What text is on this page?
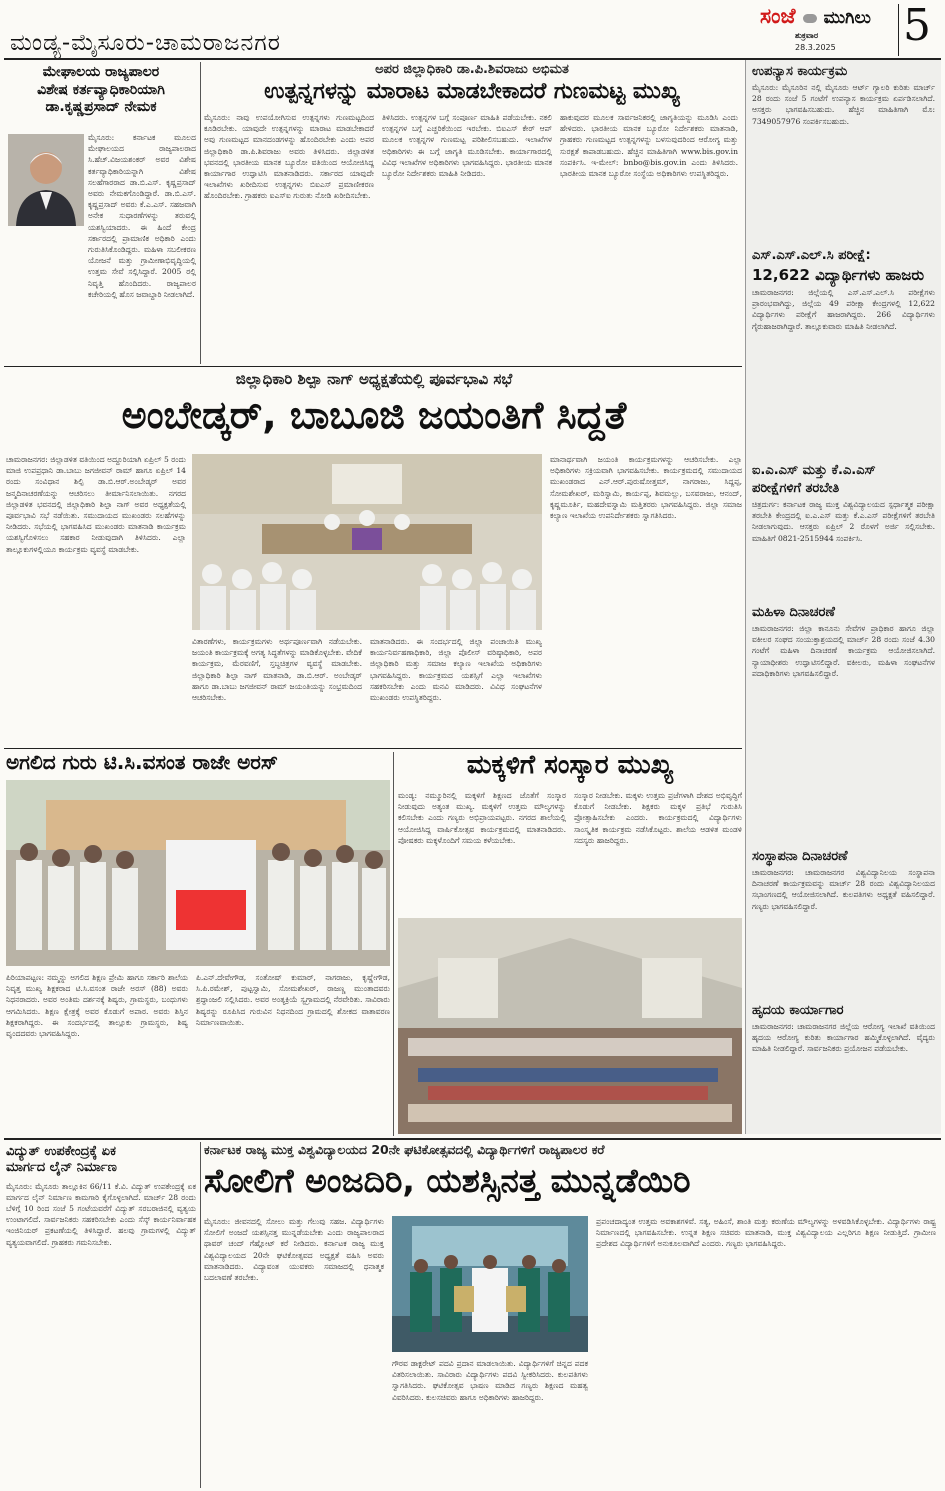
ಮಂಡ್ಯ-ಮೈಸೂರು-ಚಾಮರಾಜನಗರ
ಸಂಜೆ ಮುಗಿಲು
ಶುಕ್ರವಾರ
28.3.2025 5
ಮೇಘಾಲಯ ರಾಜ್ಯಪಾಲರ
ವಿಶೇಷ ಕರ್ತವ್ಯಾಧಿಕಾರಿಯಾಗಿ
ಡಾ.ಕೃಷ್ಣಪ್ರಸಾದ್ ನೇಮಕ
ಮೈಸೂರು: ಕರ್ನಾಟಕ ಮೂಲದ ಮೇಘಾಲಯದ ರಾಜ್ಯಪಾಲರಾದ ಸಿ.ಹೆಚ್.ವಿಜಯಶಂಕರ್ ಅವರ ವಿಶೇಷ ಕರ್ತವ್ಯಾಧಿಕಾರಿಯನ್ನಾಗಿ ವಿಶೇಷ ಸಲಹೆಗಾರರಾದ ಡಾ.ಬಿ.ಎಸ್. ಕೃಷ್ಣಪ್ರಸಾದ್ ಅವರು ನೇಮಕಗೊಂಡಿದ್ದಾರೆ. ಡಾ.ಬಿ.ಎಸ್. ಕೃಷ್ಣಪ್ರಸಾದ್ ಅವರು ಕೆ.ಎ.ಎಸ್. ಸಹಜವಾಗಿ ಅನೇಕ ಸುಧಾರಣೆಗಳನ್ನು ತರುವಲ್ಲಿ ಯಶಸ್ವಿಯಾದರು. ಈ ಹಿಂದೆ ಕೇಂದ್ರ ಸರ್ಕಾರದಲ್ಲಿ ಪ್ರಾಮಾಣಿಕ ಅಧಿಕಾರಿ ಎಂದು ಗುರುತಿಸಿಕೊಂಡಿದ್ದರು. ಮಹಿಳಾ ಸಬಲೀಕರಣ ಯೋಜನೆ ಮತ್ತು ಗ್ರಾಮೀಣಾಭಿವೃದ್ಧಿಯಲ್ಲಿ ಉತ್ತಮ ಸೇವೆ ಸಲ್ಲಿಸಿದ್ದಾರೆ. 2005 ರಲ್ಲಿ ನಿವೃತ್ತಿ ಹೊಂದಿದರು. ರಾಜ್ಯಪಾಲರ ಕಚೇರಿಯಲ್ಲಿ ಹೊಸ ಜವಾಬ್ದಾರಿ ನೀಡಲಾಗಿದೆ.
ಅಪರ ಜಿಲ್ಲಾಧಿಕಾರಿ ಡಾ.ಪಿ.ಶಿವರಾಜು ಅಭಿಮತ
ಉತ್ಪನ್ನಗಳನ್ನು ಮಾರಾಟ ಮಾಡಬೇಕಾದರೆ ಗುಣಮಟ್ಟ ಮುಖ್ಯ
ಮೈಸೂರು: ನಾವು ಉಪಯೋಗಿಸುವ ಉತ್ಪನ್ನಗಳು ಗುಣಮಟ್ಟದಿಂದ ಕೂಡಿರಬೇಕು. ಯಾವುದೇ ಉತ್ಪನ್ನಗಳನ್ನು ಮಾರಾಟ ಮಾಡಬೇಕಾದರೆ ಅವು ಗುಣಮಟ್ಟದ ಮಾನದಂಡಗಳನ್ನು ಹೊಂದಿರಬೇಕು ಎಂದು ಅಪರ ಜಿಲ್ಲಾಧಿಕಾರಿ ಡಾ.ಪಿ.ಶಿವರಾಜು ಅವರು ತಿಳಿಸಿದರು. ಜಿಲ್ಲಾಡಳಿತ ಭವನದಲ್ಲಿ ಭಾರತೀಯ ಮಾನಕ ಬ್ಯೂರೋ ವತಿಯಿಂದ ಆಯೋಜಿಸಿದ್ದ ಕಾರ್ಯಾಗಾರ ಉದ್ಘಾಟಿಸಿ ಮಾತನಾಡಿದರು. ಸರ್ಕಾರದ ಯಾವುದೇ ಇಲಾಖೆಗಳು ಖರೀದಿಸುವ ಉತ್ಪನ್ನಗಳು ಬಿಐಎಸ್ ಪ್ರಮಾಣೀಕರಣ ಹೊಂದಿರಬೇಕು. ಗ್ರಾಹಕರು ಐಎಸ್ಐ ಗುರುತು ನೋಡಿ ಖರೀದಿಸಬೇಕು.
ತಿಳಿಸಿದರು. ಉತ್ಪನ್ನಗಳ ಬಗ್ಗೆ ಸಂಪೂರ್ಣ ಮಾಹಿತಿ ಪಡೆಯಬೇಕು. ನಕಲಿ ಉತ್ಪನ್ನಗಳ ಬಗ್ಗೆ ಎಚ್ಚರಿಕೆಯಿಂದ ಇರಬೇಕು. ಬಿಐಎಸ್ ಕೇರ್ ಆಪ್ ಮೂಲಕ ಉತ್ಪನ್ನಗಳ ಗುಣಮಟ್ಟ ಪರಿಶೀಲಿಸಬಹುದು. ಇಲಾಖೆಗಳ ಅಧಿಕಾರಿಗಳು ಈ ಬಗ್ಗೆ ಜಾಗೃತಿ ಮೂಡಿಸಬೇಕು. ಕಾರ್ಯಾಗಾರದಲ್ಲಿ ವಿವಿಧ ಇಲಾಖೆಗಳ ಅಧಿಕಾರಿಗಳು ಭಾಗವಹಿಸಿದ್ದರು. ಭಾರತೀಯ ಮಾನಕ ಬ್ಯೂರೋ ನಿರ್ದೇಶಕರು ಮಾಹಿತಿ ನೀಡಿದರು.
ಹಾಕುವುದರ ಮೂಲಕ ಸಾರ್ವಜನಿಕರಲ್ಲಿ ಜಾಗೃತಿಯನ್ನು ಮೂಡಿಸಿ ಎಂದು ಹೇಳಿದರು. ಭಾರತೀಯ ಮಾನಕ ಬ್ಯೂರೋ ನಿರ್ದೇಶಕರು ಮಾತನಾಡಿ, ಗ್ರಾಹಕರು ಗುಣಮಟ್ಟದ ಉತ್ಪನ್ನಗಳನ್ನು ಬಳಸುವುದರಿಂದ ಆರೋಗ್ಯ ಮತ್ತು ಸುರಕ್ಷತೆ ಕಾಪಾಡಬಹುದು. ಹೆಚ್ಚಿನ ಮಾಹಿತಿಗಾಗಿ www.bis.gov.in ಸಂಪರ್ಕಿಸಿ. ಇ-ಮೇಲ್: bnbo@bis.gov.in ಎಂದು ತಿಳಿಸಿದರು. ಭಾರತೀಯ ಮಾನಕ ಬ್ಯೂರೋ ಸಂಸ್ಥೆಯ ಅಧಿಕಾರಿಗಳು ಉಪಸ್ಥಿತರಿದ್ದರು.
ಜಿಲ್ಲಾಧಿಕಾರಿ ಶಿಲ್ಪಾ ನಾಗ್ ಅಧ್ಯಕ್ಷತೆಯಲ್ಲಿ ಪೂರ್ವಭಾವಿ ಸಭೆ
ಅಂಬೇಡ್ಕರ್, ಬಾಬೂಜಿ ಜಯಂತಿಗೆ ಸಿದ್ದತೆ
ಚಾಮರಾಜನಗರ: ಜಿಲ್ಲಾಡಳಿತ ವತಿಯಿಂದ ಅದ್ದೂರಿಯಾಗಿ ಏಪ್ರಿಲ್ 5 ರಂದು ಮಾಜಿ ಉಪಪ್ರಧಾನಿ ಡಾ.ಬಾಬು ಜಗಜೀವನ್ ರಾಮ್ ಹಾಗೂ ಏಪ್ರಿಲ್ 14 ರಂದು ಸಂವಿಧಾನ ಶಿಲ್ಪಿ ಡಾ.ಬಿ.ಆರ್.ಅಂಬೇಡ್ಕರ್ ಅವರ ಜನ್ಮದಿನಾಚರಣೆಯನ್ನು ಆಚರಿಸಲು ತೀರ್ಮಾನಿಸಲಾಯಿತು. ನಗರದ ಜಿಲ್ಲಾಡಳಿತ ಭವನದಲ್ಲಿ ಜಿಲ್ಲಾಧಿಕಾರಿ ಶಿಲ್ಪಾ ನಾಗ್ ಅವರ ಅಧ್ಯಕ್ಷತೆಯಲ್ಲಿ ಪೂರ್ವಭಾವಿ ಸಭೆ ನಡೆಯಿತು. ಸಮುದಾಯದ ಮುಖಂಡರು ಸಲಹೆಗಳನ್ನು ನೀಡಿದರು. ಸಭೆಯಲ್ಲಿ ಭಾಗವಹಿಸಿದ ಮುಖಂಡರು ಮಾತನಾಡಿ ಕಾರ್ಯಕ್ರಮ ಯಶಸ್ವಿಗೊಳಿಸಲು ಸಹಕಾರ ನೀಡುವುದಾಗಿ ತಿಳಿಸಿದರು. ಎಲ್ಲಾ ತಾಲ್ಲೂಕುಗಳಲ್ಲಿಯೂ ಕಾರ್ಯಕ್ರಮ ವ್ಯವಸ್ಥೆ ಮಾಡಬೇಕು.
ವಿತಾರಣೆಗಳು, ಕಾರ್ಯಕ್ರಮಗಳು ಅರ್ಥಪೂರ್ಣವಾಗಿ ನಡೆಯಬೇಕು. ಜಯಂತಿ ಕಾರ್ಯಕ್ರಮಕ್ಕೆ ಅಗತ್ಯ ಸಿದ್ಧತೆಗಳನ್ನು ಮಾಡಿಕೊಳ್ಳಬೇಕು. ವೇದಿಕೆ ಕಾರ್ಯಕ್ರಮ, ಮೆರವಣಿಗೆ, ಸ್ತಬ್ಧಚಿತ್ರಗಳ ವ್ಯವಸ್ಥೆ ಮಾಡಬೇಕು. ಜಿಲ್ಲಾಧಿಕಾರಿ ಶಿಲ್ಪಾ ನಾಗ್ ಮಾತನಾಡಿ, ಡಾ.ಬಿ.ಆರ್. ಅಂಬೇಡ್ಕರ್ ಹಾಗೂ ಡಾ.ಬಾಬು ಜಗಜೀವನ್ ರಾಮ್ ಜಯಂತಿಯನ್ನು ಸಂಭ್ರಮದಿಂದ ಆಚರಿಸಬೇಕು.
ಮಾತನಾಡಿದರು. ಈ ಸಂದರ್ಭದಲ್ಲಿ ಜಿಲ್ಲಾ ಪಂಚಾಯಿತಿ ಮುಖ್ಯ ಕಾರ್ಯನಿರ್ವಹಣಾಧಿಕಾರಿ, ಜಿಲ್ಲಾ ಪೊಲೀಸ್ ವರಿಷ್ಠಾಧಿಕಾರಿ, ಅಪರ ಜಿಲ್ಲಾಧಿಕಾರಿ ಮತ್ತು ಸಮಾಜ ಕಲ್ಯಾಣ ಇಲಾಖೆಯ ಅಧಿಕಾರಿಗಳು ಭಾಗವಹಿಸಿದ್ದರು. ಕಾರ್ಯಕ್ರಮದ ಯಶಸ್ಸಿಗೆ ಎಲ್ಲಾ ಇಲಾಖೆಗಳು ಸಹಕರಿಸಬೇಕು ಎಂದು ಮನವಿ ಮಾಡಿದರು. ವಿವಿಧ ಸಂಘಟನೆಗಳ ಮುಖಂಡರು ಉಪಸ್ಥಿತರಿದ್ದರು.
ಮಾನಾರ್ಥವಾಗಿ ಜಯಂತಿ ಕಾರ್ಯಕ್ರಮಗಳನ್ನು ಆಚರಿಸಬೇಕು. ಎಲ್ಲಾ ಅಧಿಕಾರಿಗಳು ಸಕ್ರಿಯವಾಗಿ ಭಾಗವಹಿಸಬೇಕು. ಕಾರ್ಯಕ್ರಮದಲ್ಲಿ ಸಮುದಾಯದ ಮುಖಂಡರಾದ ಎನ್.ಆರ್.ಪುರುಷೋತ್ತಮ್, ನಾಗರಾಜು, ಸಿದ್ದಪ್ಪ, ಸೋಮಶೇಖರ್, ಮರಿಸ್ವಾಮಿ, ಕಾರ್ಯಪ್ಪ, ಶಿವಮಲ್ಲು, ಬಸವರಾಜು, ಆನಂದ್, ಕೃಷ್ಣಮೂರ್ತಿ, ಮಹದೇವಸ್ವಾಮಿ ಮತ್ತಿತರರು ಭಾಗವಹಿಸಿದ್ದರು. ಜಿಲ್ಲಾ ಸಮಾಜ ಕಲ್ಯಾಣ ಇಲಾಖೆಯ ಉಪನಿರ್ದೇಶಕರು ಸ್ವಾಗತಿಸಿದರು.
ಅಗಲಿದ ಗುರು ಟಿ.ಸಿ.ವಸಂತ ರಾಜೇ ಅರಸ್
ಪಿರಿಯಾಪಟ್ಟಣ: ನಮ್ಮನ್ನು ಅಗಲಿದ ಶಿಕ್ಷಣ ಪ್ರೇಮಿ ಹಾಗೂ ಸರ್ಕಾರಿ ಶಾಲೆಯ ನಿವೃತ್ತ ಮುಖ್ಯ ಶಿಕ್ಷಕರಾದ ಟಿ.ಸಿ.ವಸಂತ ರಾಜೇ ಅರಸ್ (88) ಅವರು ನಿಧನರಾದರು. ಅವರ ಅಂತಿಮ ದರ್ಶನಕ್ಕೆ ಶಿಷ್ಯರು, ಗ್ರಾಮಸ್ಥರು, ಬಂಧುಗಳು ಆಗಮಿಸಿದರು. ಶಿಕ್ಷಣ ಕ್ಷೇತ್ರಕ್ಕೆ ಅವರ ಕೊಡುಗೆ ಅಪಾರ. ಅವರು ಶಿಸ್ತಿನ ಶಿಕ್ಷಕರಾಗಿದ್ದರು. ಈ ಸಂದರ್ಭದಲ್ಲಿ ತಾಲ್ಲೂಕು ಗ್ರಾಮಸ್ಥರು, ಶಿಷ್ಯ ವೃಂದದವರು ಭಾಗವಹಿಸಿದ್ದರು.
ಪಿ.ಎನ್.ದೇವೇಗೌಡ, ಸಂತೋಷ್ ಕುಮಾರ್, ನಾಗರಾಜು, ಕೃಷ್ಣೇಗೌಡ, ಸಿ.ಪಿ.ರಮೇಶ್, ಪುಟ್ಟಸ್ವಾಮಿ, ಸೋಮಶೇಖರ್, ರಾಜಣ್ಣ ಮುಂತಾದವರು ಶ್ರದ್ಧಾಂಜಲಿ ಸಲ್ಲಿಸಿದರು. ಅವರ ಅಂತ್ಯಕ್ರಿಯೆ ಸ್ವಗ್ರಾಮದಲ್ಲಿ ನೆರವೇರಿತು. ಸಾವಿರಾರು ಶಿಷ್ಯರನ್ನು ರೂಪಿಸಿದ ಗುರುವಿನ ನಿಧನದಿಂದ ಗ್ರಾಮದಲ್ಲಿ ಶೋಕದ ವಾತಾವರಣ ನಿರ್ಮಾಣವಾಯಿತು.
ಮಕ್ಕಳಿಗೆ ಸಂಸ್ಕಾರ ಮುಖ್ಯ
ಮಂಡ್ಯ: ನಮ್ಮೂರಿನಲ್ಲಿ ಮಕ್ಕಳಿಗೆ ಶಿಕ್ಷಣದ ಜೊತೆಗೆ ಸಂಸ್ಕಾರ ನೀಡುವುದು ಅತ್ಯಂತ ಮುಖ್ಯ. ಮಕ್ಕಳಿಗೆ ಉತ್ತಮ ಮೌಲ್ಯಗಳನ್ನು ಕಲಿಸಬೇಕು ಎಂದು ಗಣ್ಯರು ಅಭಿಪ್ರಾಯಪಟ್ಟರು. ನಗರದ ಶಾಲೆಯಲ್ಲಿ ಆಯೋಜಿಸಿದ್ದ ವಾರ್ಷಿಕೋತ್ಸವ ಕಾರ್ಯಕ್ರಮದಲ್ಲಿ ಮಾತನಾಡಿದರು. ಪೋಷಕರು ಮಕ್ಕಳೊಂದಿಗೆ ಸಮಯ ಕಳೆಯಬೇಕು.
ಸಂಸ್ಕಾರ ನೀಡಬೇಕು. ಮಕ್ಕಳು ಉತ್ತಮ ಪ್ರಜೆಗಳಾಗಿ ದೇಶದ ಅಭಿವೃದ್ಧಿಗೆ ಕೊಡುಗೆ ನೀಡಬೇಕು. ಶಿಕ್ಷಕರು ಮಕ್ಕಳ ಪ್ರತಿಭೆ ಗುರುತಿಸಿ ಪ್ರೋತ್ಸಾಹಿಸಬೇಕು ಎಂದರು. ಕಾರ್ಯಕ್ರಮದಲ್ಲಿ ವಿದ್ಯಾರ್ಥಿಗಳು ಸಾಂಸ್ಕೃತಿಕ ಕಾರ್ಯಕ್ರಮ ನಡೆಸಿಕೊಟ್ಟರು. ಶಾಲೆಯ ಆಡಳಿತ ಮಂಡಳಿ ಸದಸ್ಯರು ಹಾಜರಿದ್ದರು.
ಉಪನ್ಯಾಸ ಕಾರ್ಯಕ್ರಮ
ಮೈಸೂರು: ಮೈಸೂರಿನ ನಲ್ಲಿ ಮೈಸೂರು ಆರ್ಟ್ ಗ್ಯಾಲರಿ ಕುರಿತು ಮಾರ್ಚ್ 28 ರಂದು ಸಂಜೆ 5 ಗಂಟೆಗೆ ಉಪನ್ಯಾಸ ಕಾರ್ಯಕ್ರಮ ಏರ್ಪಡಿಸಲಾಗಿದೆ. ಆಸಕ್ತರು ಭಾಗವಹಿಸಬಹುದು. ಹೆಚ್ಚಿನ ಮಾಹಿತಿಗಾಗಿ ಮೊ: 7349057976 ಸಂಪರ್ಕಿಸಬಹುದು.
ಎಸ್.ಎಸ್.ಎಲ್.ಸಿ ಪರೀಕ್ಷೆ:
12,622 ವಿದ್ಯಾರ್ಥಿಗಳು ಹಾಜರು
ಚಾಮರಾಜನಗರ: ಜಿಲ್ಲೆಯಲ್ಲಿ ಎಸ್.ಎಸ್.ಎಲ್.ಸಿ ಪರೀಕ್ಷೆಗಳು ಪ್ರಾರಂಭವಾಗಿದ್ದು, ಜಿಲ್ಲೆಯ 49 ಪರೀಕ್ಷಾ ಕೇಂದ್ರಗಳಲ್ಲಿ 12,622 ವಿದ್ಯಾರ್ಥಿಗಳು ಪರೀಕ್ಷೆಗೆ ಹಾಜರಾಗಿದ್ದರು. 266 ವಿದ್ಯಾರ್ಥಿಗಳು ಗೈರುಹಾಜರಾಗಿದ್ದಾರೆ. ತಾಲ್ಲೂಕುವಾರು ಮಾಹಿತಿ ನೀಡಲಾಗಿದೆ.
ಐ.ಎ.ಎಸ್ ಮತ್ತು ಕೆ.ಎ.ಎಸ್
ಪರೀಕ್ಷೆಗಳಿಗೆ ತರಬೇತಿ
ಚಿತ್ರದುರ್ಗ: ಕರ್ನಾಟಕ ರಾಜ್ಯ ಮುಕ್ತ ವಿಶ್ವವಿದ್ಯಾಲಯದ ಸ್ಪರ್ಧಾತ್ಮಕ ಪರೀಕ್ಷಾ ತರಬೇತಿ ಕೇಂದ್ರದಲ್ಲಿ ಐ.ಎ.ಎಸ್ ಮತ್ತು ಕೆ.ಎ.ಎಸ್ ಪರೀಕ್ಷೆಗಳಿಗೆ ತರಬೇತಿ ನೀಡಲಾಗುವುದು. ಆಸಕ್ತರು ಏಪ್ರಿಲ್ 2 ರೊಳಗೆ ಅರ್ಜಿ ಸಲ್ಲಿಸಬೇಕು. ಮಾಹಿತಿಗೆ 0821-2515944 ಸಂಪರ್ಕಿಸಿ.
ಮಹಿಳಾ ದಿನಾಚರಣೆ
ಚಾಮರಾಜನಗರ: ಜಿಲ್ಲಾ ಕಾನೂನು ಸೇವೆಗಳ ಪ್ರಾಧಿಕಾರ ಹಾಗೂ ಜಿಲ್ಲಾ ವಕೀಲರ ಸಂಘದ ಸಂಯುಕ್ತಾಶ್ರಯದಲ್ಲಿ ಮಾರ್ಚ್ 28 ರಂದು ಸಂಜೆ 4.30 ಗಂಟೆಗೆ ಮಹಿಳಾ ದಿನಾಚರಣೆ ಕಾರ್ಯಕ್ರಮ ಆಯೋಜಿಸಲಾಗಿದೆ. ನ್ಯಾಯಾಧೀಶರು ಉದ್ಘಾಟಿಸಲಿದ್ದಾರೆ. ವಕೀಲರು, ಮಹಿಳಾ ಸಂಘಟನೆಗಳ ಪದಾಧಿಕಾರಿಗಳು ಭಾಗವಹಿಸಲಿದ್ದಾರೆ.
ಸಂಸ್ಥಾಪನಾ ದಿನಾಚರಣೆ
ಚಾಮರಾಜನಗರ: ಚಾಮರಾಜನಗರ ವಿಶ್ವವಿದ್ಯಾನಿಲಯ ಸಂಸ್ಥಾಪನಾ ದಿನಾಚರಣೆ ಕಾರ್ಯಕ್ರಮವನ್ನು ಮಾರ್ಚ್ 28 ರಂದು ವಿಶ್ವವಿದ್ಯಾನಿಲಯದ ಸಭಾಂಗಣದಲ್ಲಿ ಆಯೋಜಿಸಲಾಗಿದೆ. ಕುಲಪತಿಗಳು ಅಧ್ಯಕ್ಷತೆ ವಹಿಸಲಿದ್ದಾರೆ. ಗಣ್ಯರು ಭಾಗವಹಿಸಲಿದ್ದಾರೆ.
ಹೃದಯ ಕಾರ್ಯಾಗಾರ
ಚಾಮರಾಜನಗರ: ಚಾಮರಾಜನಗರ ಜಿಲ್ಲೆಯ ಆರೋಗ್ಯ ಇಲಾಖೆ ವತಿಯಿಂದ ಹೃದಯ ಆರೋಗ್ಯ ಕುರಿತು ಕಾರ್ಯಾಗಾರ ಹಮ್ಮಿಕೊಳ್ಳಲಾಗಿದೆ. ವೈದ್ಯರು ಮಾಹಿತಿ ನೀಡಲಿದ್ದಾರೆ. ಸಾರ್ವಜನಿಕರು ಪ್ರಯೋಜನ ಪಡೆಯಬೇಕು.
ವಿದ್ಯುತ್ ಉಪಕೇಂದ್ರಕ್ಕೆ ಏಕ
ಮಾರ್ಗದ ಲೈನ್ ನಿರ್ಮಾಣ
ಮೈಸೂರು: ಮೈಸೂರು ತಾಲ್ಲೂಕಿನ 66/11 ಕೆ.ವಿ. ವಿದ್ಯುತ್ ಉಪಕೇಂದ್ರಕ್ಕೆ ಏಕ ಮಾರ್ಗದ ಲೈನ್ ನಿರ್ಮಾಣ ಕಾಮಗಾರಿ ಕೈಗೊಳ್ಳಲಾಗಿದೆ. ಮಾರ್ಚ್ 28 ರಂದು ಬೆಳಿಗ್ಗೆ 10 ರಿಂದ ಸಂಜೆ 5 ಗಂಟೆಯವರೆಗೆ ವಿದ್ಯುತ್ ಸರಬರಾಜಿನಲ್ಲಿ ವ್ಯತ್ಯಯ ಉಂಟಾಗಲಿದೆ. ಸಾರ್ವಜನಿಕರು ಸಹಕರಿಸಬೇಕು ಎಂದು ಸೆಸ್ಕ್ ಕಾರ್ಯನಿರ್ವಾಹಕ ಇಂಜಿನಿಯರ್ ಪ್ರಕಟಣೆಯಲ್ಲಿ ತಿಳಿಸಿದ್ದಾರೆ. ಹಲವು ಗ್ರಾಮಗಳಲ್ಲಿ ವಿದ್ಯುತ್ ವ್ಯತ್ಯಯವಾಗಲಿದೆ. ಗ್ರಾಹಕರು ಗಮನಿಸಬೇಕು.
ಕರ್ನಾಟಕ ರಾಜ್ಯ ಮುಕ್ತ ವಿಶ್ವವಿದ್ಯಾಲಯದ 20ನೇ ಘಟಿಕೋತ್ಸವದಲ್ಲಿ ವಿದ್ಯಾರ್ಥಿಗಳಿಗೆ ರಾಜ್ಯಪಾಲರ ಕರೆ
ಸೋಲಿಗೆ ಅಂಜದಿರಿ, ಯಶಸ್ಸಿನತ್ತ ಮುನ್ನಡೆಯಿರಿ
ಮೈಸೂರು: ಜೀವನದಲ್ಲಿ ಸೋಲು ಮತ್ತು ಗೆಲುವು ಸಹಜ. ವಿದ್ಯಾರ್ಥಿಗಳು ಸೋಲಿಗೆ ಅಂಜದೆ ಯಶಸ್ಸಿನತ್ತ ಮುನ್ನಡೆಯಬೇಕು ಎಂದು ರಾಜ್ಯಪಾಲರಾದ ಥಾವರ್ ಚಂದ್ ಗೆಹ್ಲೋಟ್ ಕರೆ ನೀಡಿದರು. ಕರ್ನಾಟಕ ರಾಜ್ಯ ಮುಕ್ತ ವಿಶ್ವವಿದ್ಯಾಲಯದ 20ನೇ ಘಟಿಕೋತ್ಸವದ ಅಧ್ಯಕ್ಷತೆ ವಹಿಸಿ ಅವರು ಮಾತನಾಡಿದರು. ವಿದ್ಯಾವಂತ ಯುವಕರು ಸಮಾಜದಲ್ಲಿ ಧನಾತ್ಮಕ ಬದಲಾವಣೆ ತರಬೇಕು.
ಗೌರವ ಡಾಕ್ಟರೇಟ್ ಪದವಿ ಪ್ರದಾನ ಮಾಡಲಾಯಿತು. ವಿದ್ಯಾರ್ಥಿಗಳಿಗೆ ಚಿನ್ನದ ಪದಕ ವಿತರಿಸಲಾಯಿತು. ಸಾವಿರಾರು ವಿದ್ಯಾರ್ಥಿಗಳು ಪದವಿ ಸ್ವೀಕರಿಸಿದರು. ಕುಲಪತಿಗಳು ಸ್ವಾಗತಿಸಿದರು. ಘಟಿಕೋತ್ಸವ ಭಾಷಣ ಮಾಡಿದ ಗಣ್ಯರು ಶಿಕ್ಷಣದ ಮಹತ್ವ ವಿವರಿಸಿದರು. ಕುಲಸಚಿವರು ಹಾಗೂ ಅಧಿಕಾರಿಗಳು ಹಾಜರಿದ್ದರು.
ಪ್ರಪಂಚದಾದ್ಯಂತ ಉತ್ತಮ ಅವಕಾಶಗಳಿವೆ. ಸತ್ಯ, ಅಹಿಂಸೆ, ಶಾಂತಿ ಮತ್ತು ಕರುಣೆಯ ಮೌಲ್ಯಗಳನ್ನು ಅಳವಡಿಸಿಕೊಳ್ಳಬೇಕು. ವಿದ್ಯಾರ್ಥಿಗಳು ರಾಷ್ಟ್ರ ನಿರ್ಮಾಣದಲ್ಲಿ ಭಾಗವಹಿಸಬೇಕು. ಉನ್ನತ ಶಿಕ್ಷಣ ಸಚಿವರು ಮಾತನಾಡಿ, ಮುಕ್ತ ವಿಶ್ವವಿದ್ಯಾಲಯ ಎಲ್ಲರಿಗೂ ಶಿಕ್ಷಣ ನೀಡುತ್ತಿದೆ. ಗ್ರಾಮೀಣ ಪ್ರದೇಶದ ವಿದ್ಯಾರ್ಥಿಗಳಿಗೆ ಅನುಕೂಲವಾಗಿದೆ ಎಂದರು. ಗಣ್ಯರು ಭಾಗವಹಿಸಿದ್ದರು.
